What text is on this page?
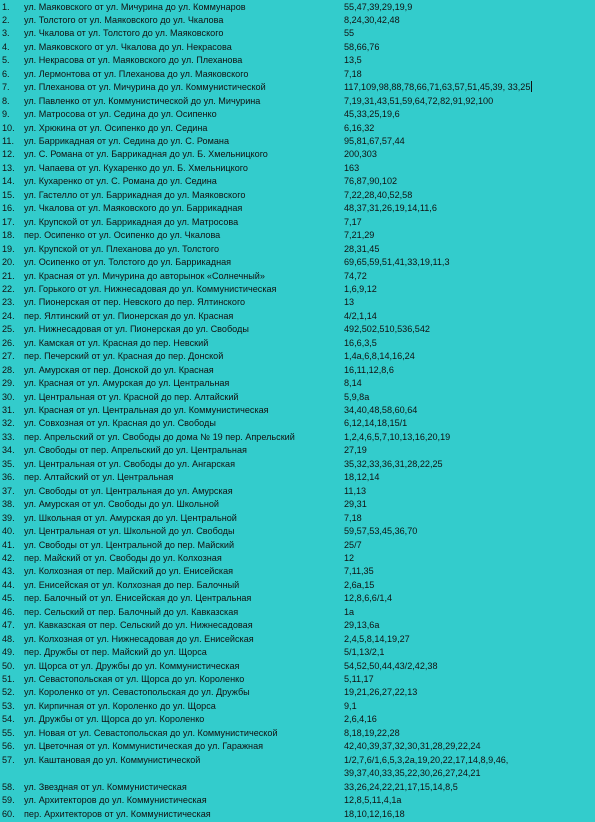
1. ул. Маяковского от ул. Мичурина до ул. Коммунаров	55,47,39,29,19,9
2. ул. Толстого от ул. Маяковского до ул. Чкалова	8,24,30,42,48
3. ул. Чкалова от ул. Толстого до ул. Маяковского	55
4. ул. Маяковского от ул. Чкалова до ул. Некрасова	58,66,76
5. ул. Некрасова от ул. Маяковского до ул. Плеханова	13,5
6. ул. Лермонтова от ул. Плеханова до ул. Маяковского	7,18
7. ул. Плеханова от ул. Мичурина до ул. Коммунистической	117,109,98,88,78,66,71,63,57,51,45,39, 33,25
8. ул. Павленко от ул. Коммунистической до ул. Мичурина	7,19,31,43,51,59,64,72,82,91,92,100
9. ул. Матросова от ул. Седина до ул. Осипенко	45,33,25,19,6
10. ул. Хрюкина от ул. Осипенко до ул. Седина	6,16,32
11. ул. Баррикадная от ул. Седина до ул. С. Романа	95,81,67,57,44
12. ул. С. Романа от ул. Баррикадная до ул. Б. Хмельницкого	200,303
13. ул. Чапаева от ул. Кухаренко до ул. Б. Хмельницкого	163
14. ул. Кухаренко от ул. С. Романа до ул. Седина	76,87,90,102
15. ул. Гастелло от ул. Баррикадная до ул. Маяковского	7,22,28,40,52,58
16. ул. Чкалова от ул. Маяковского до ул. Баррикадная	48,37,31,26,19,14,11,6
17. ул. Крупской от ул. Баррикадная до ул. Матросова	7,17
18. пер. Осипенко от ул. Осипенко до ул. Чкалова	7,21,29
19. ул. Крупской от ул. Плеханова до ул. Толстого	28,31,45
20. ул. Осипенко от ул. Толстого до ул. Баррикадная	69,65,59,51,41,33,19,11,3
21. ул. Красная от ул. Мичурина до авторынок «Солнечный»	74,72
22. ул. Горького от ул. Нижнесадовая до ул. Коммунистическая	1,6,9,12
23. ул. Пионерская от пер. Невского до пер. Ялтинского	13
24. пер. Ялтинский от ул. Пионерская до ул. Красная	4/2,1,14
25. ул. Нижнесадовая от ул. Пионерская до ул. Свободы	492,502,510,536,542
26. ул. Камская от ул. Красная до пер. Невский	16,6,3,5
27. пер. Печерский от ул. Красная до пер. Донской	1,4а,6,8,14,16,24
28. ул. Амурская от пер. Донской до ул. Красная	16,11,12,8,6
29. ул. Красная от ул. Амурская до ул. Центральная	8,14
30. ул. Центральная от ул. Красной до пер. Алтайский	5,9,8а
31. ул. Красная от ул. Центральная до ул. Коммунистическая	34,40,48,58,60,64
32. ул. Совхозная от ул. Красная до ул. Свободы	6,12,14,18,15/1
33. пер. Апрельский от ул. Свободы до дома № 19 пер. Апрельский	1,2,4,6,5,7,10,13,16,20,19
34. ул. Свободы от пер. Апрельский до ул. Центральная	27,19
35. ул. Центральная от ул. Свободы до ул. Ангарская	35,32,33,36,31,28,22,25
36. пер. Алтайский от ул. Центральная	18,12,14
37. ул. Свободы от ул. Центральная до ул. Амурская	11,13
38. ул. Амурская от ул. Свободы до ул. Школьной	29,31
39. ул. Школьная от ул. Амурская до ул. Центральной	7,18
40. ул. Центральная от ул. Школьной до ул. Свободы	59,57,53,45,36,70
41. ул. Свободы от ул. Центральной до пер. Майский	25/7
42. пер. Майский от ул. Свободы до ул. Колхозная	12
43. ул. Колхозная от пер. Майский до ул. Енисейская	7,11,35
44. ул. Енисейская от ул. Колхозная до пер. Балочный	2,6а,15
45. пер. Балочный от ул. Енисейская до ул. Центральная	12,8,6,6/1,4
46. пер. Сельский от пер. Балочный до ул. Кавказская	1а
47. ул. Кавказская от пер. Сельский до ул. Нижнесадовая	29,13,6а
48. ул. Колхозная от ул. Нижнесадовая до ул. Енисейская	2,4,5,8,14,19,27
49. пер. Дружбы от пер. Майский до ул. Щорса	5/1,13/2,1
50. ул. Щорса от ул. Дружбы до ул. Коммунистическая	54,52,50,44,43/2,42,38
51. ул. Севастопольская от ул. Щорса до ул. Короленко	5,11,17
52. ул. Короленко от ул. Севастопольская до ул. Дружбы	19,21,26,27,22,13
53. ул. Кирпичная от ул. Короленко до ул. Щорса	9,1
54. ул. Дружбы от ул. Щорса до ул. Короленко	2,6,4,16
55. ул. Новая от ул. Севастопольская до ул. Коммунистической	8,18,19,22,28
56. ул. Цветочная от ул. Коммунистическая до ул. Гаражная	42,40,39,37,32,30,31,28,29,22,24
57. ул. Каштановая до ул. Коммунистической	1/2,7,6/1,6,5,3,2а,19,20,22,17,14,8,9,46,
39,37,40,33,35,22,30,26,27,24,21
58. ул. Звездная от ул. Коммунистическая	33,26,24,22,21,17,15,14,8,5
59. ул. Архитекторов до ул. Коммунистическая	12,8,5,11,4,1а
60. пер. Архитекторов от ул. Коммунистическая	18,10,12,16,18
